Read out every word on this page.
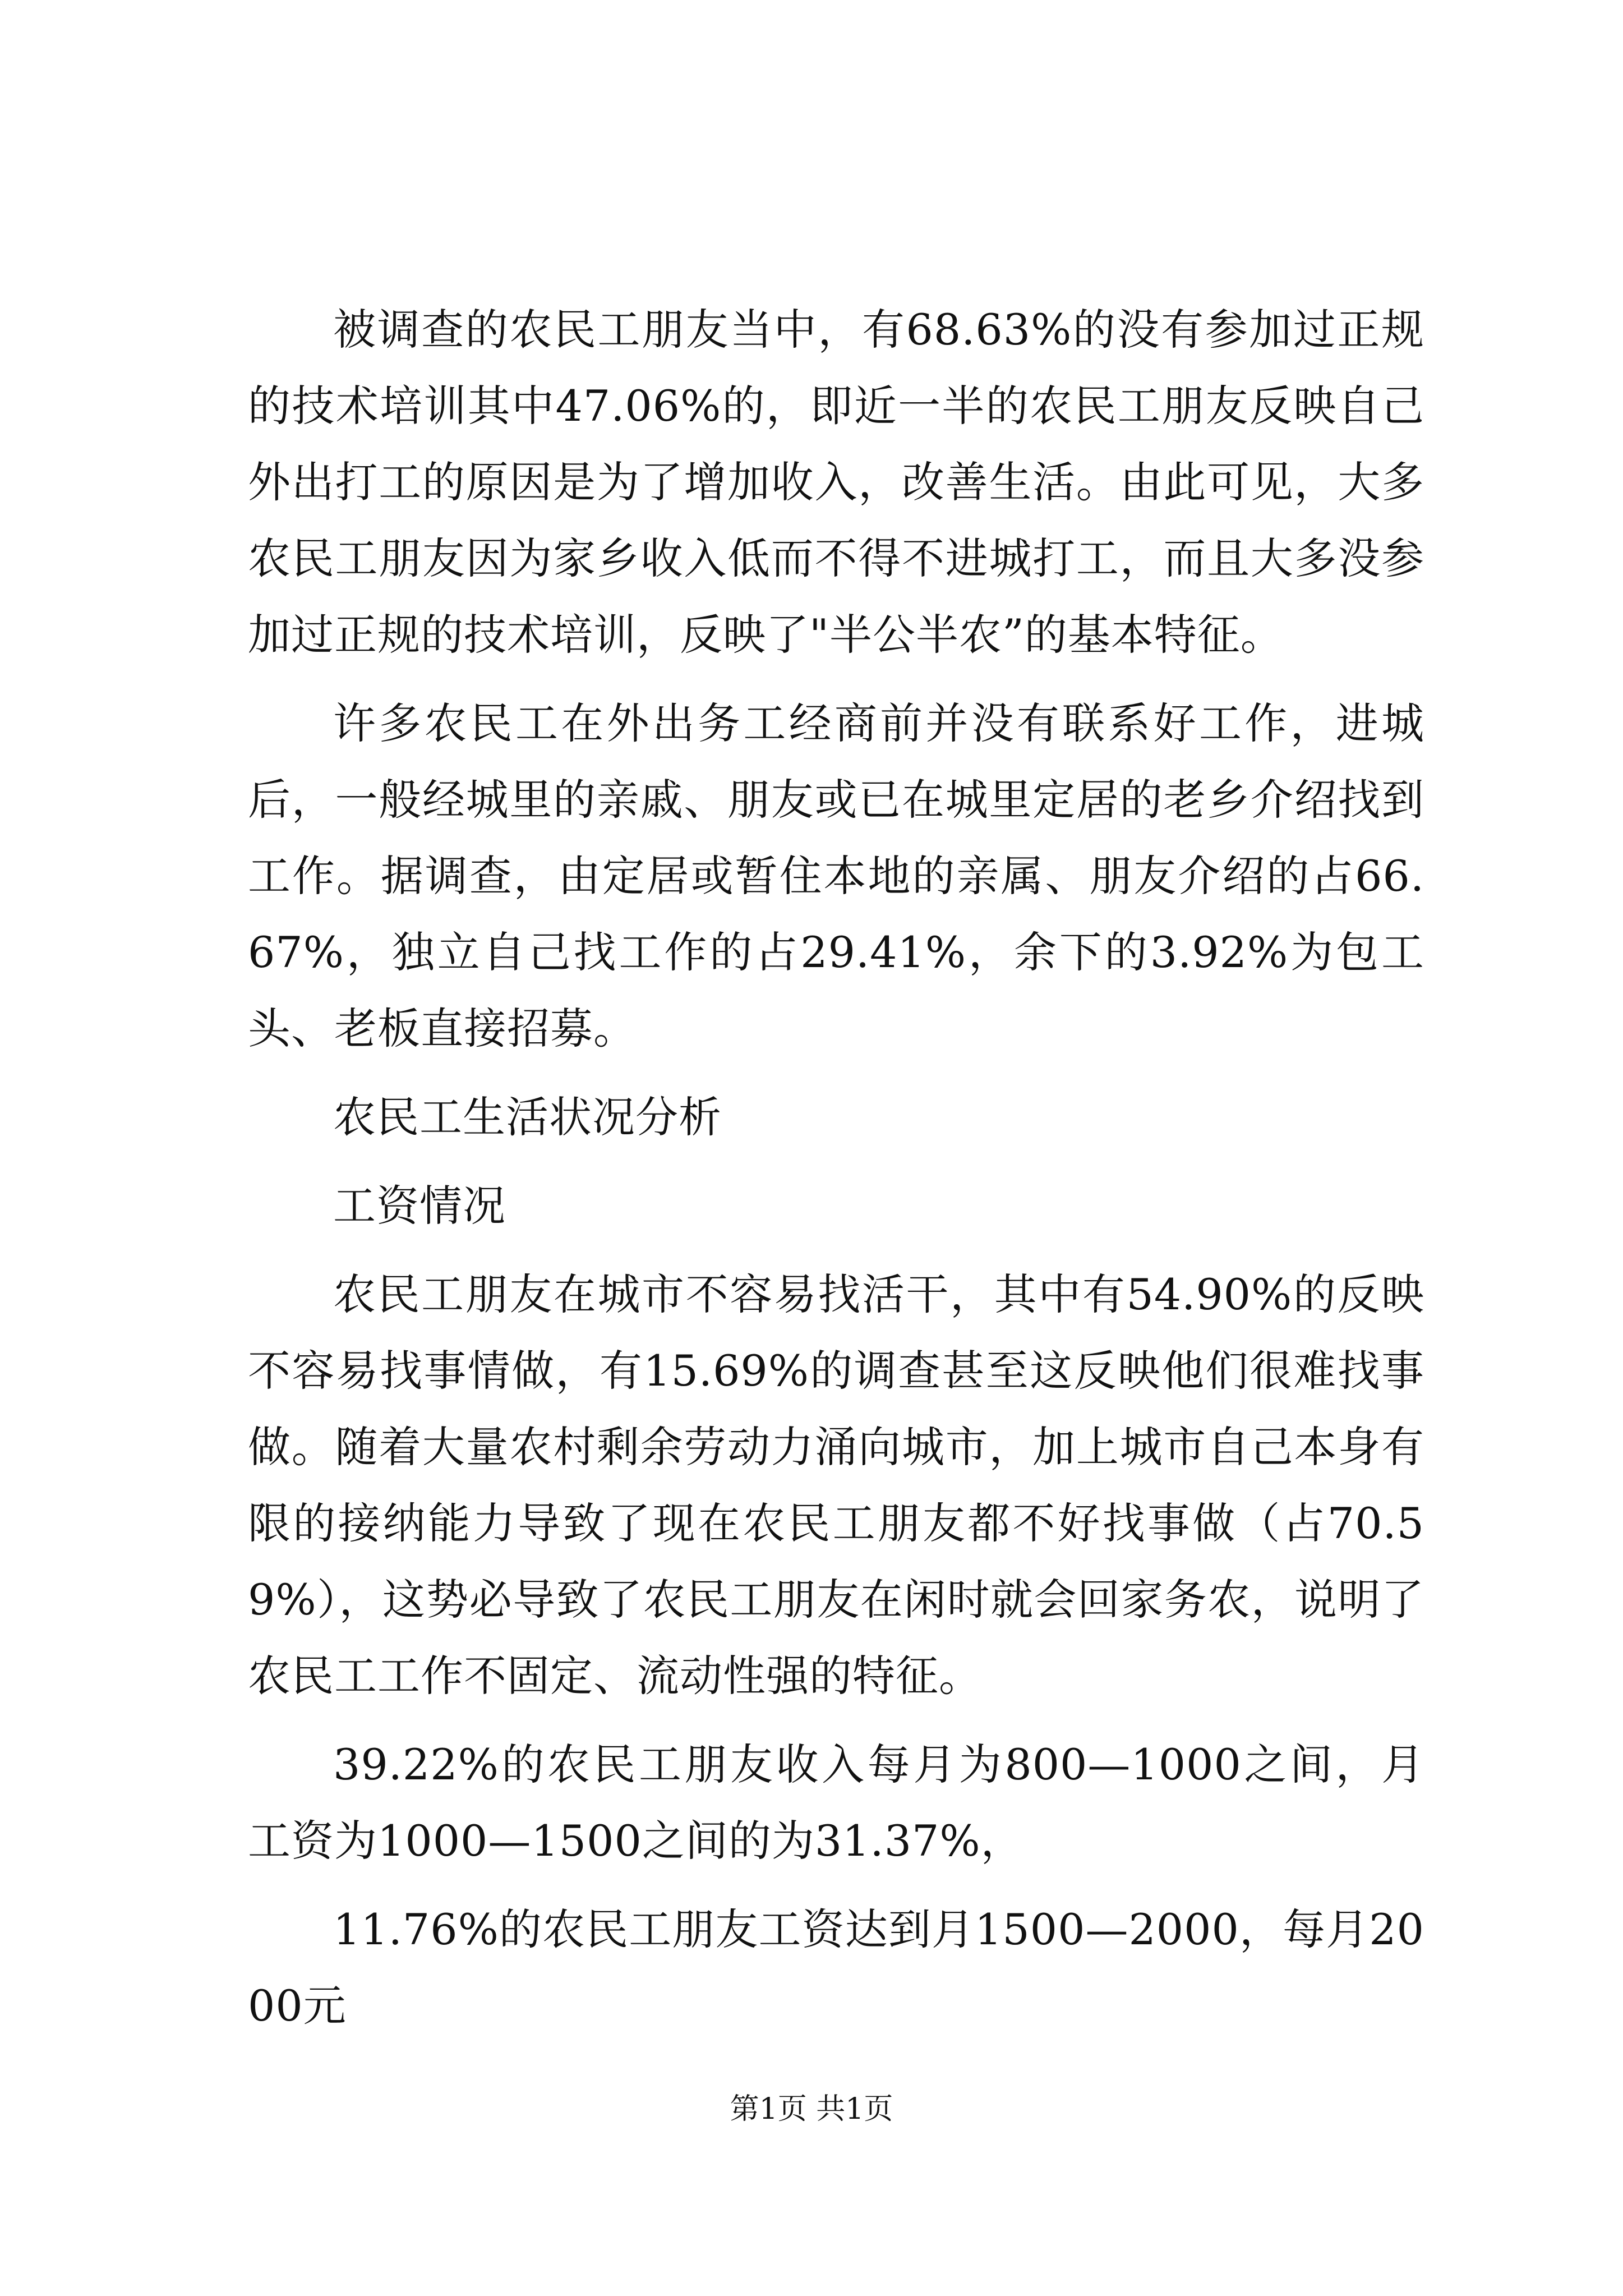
被调查的农民工朋友当中，有68.63%的没有参加过正规的技术培训其中47.06%的，即近一半的农民工朋友反映自己外出打工的原因是为了增加收入，改善生活。由此可见，大多农民工朋友因为家乡收入低而不得不进城打工，而且大多没参加过正规的技术培训，反映了"半公半农”的基本特征。

许多农民工在外出务工经商前并没有联系好工作，进城后，一般经城里的亲戚、朋友或已在城里定居的老乡介绍找到工作。据调查，由定居或暂住本地的亲属、朋友介绍的占66.67%，独立自己找工作的占29.41%，余下的3.92%为包工头、老板直接招募。

农民工生活状况分析

工资情况

农民工朋友在城市不容易找活干，其中有54.90%的反映不容易找事情做，有15.69%的调查甚至这反映他们很难找事做。随着大量农村剩余劳动力涌向城市，加上城市自己本身有限的接纳能力导致了现在农民工朋友都不好找事做（占70.59%），这势必导致了农民工朋友在闲时就会回家务农，说明了农民工工作不固定、流动性强的特征。

39.22%的农民工朋友收入每月为800—1000之间，月工资为1000—1500之间的为31.37%，

11.76%的农民工朋友工资达到月1500—2000，每月2000元

第1页 共1页
